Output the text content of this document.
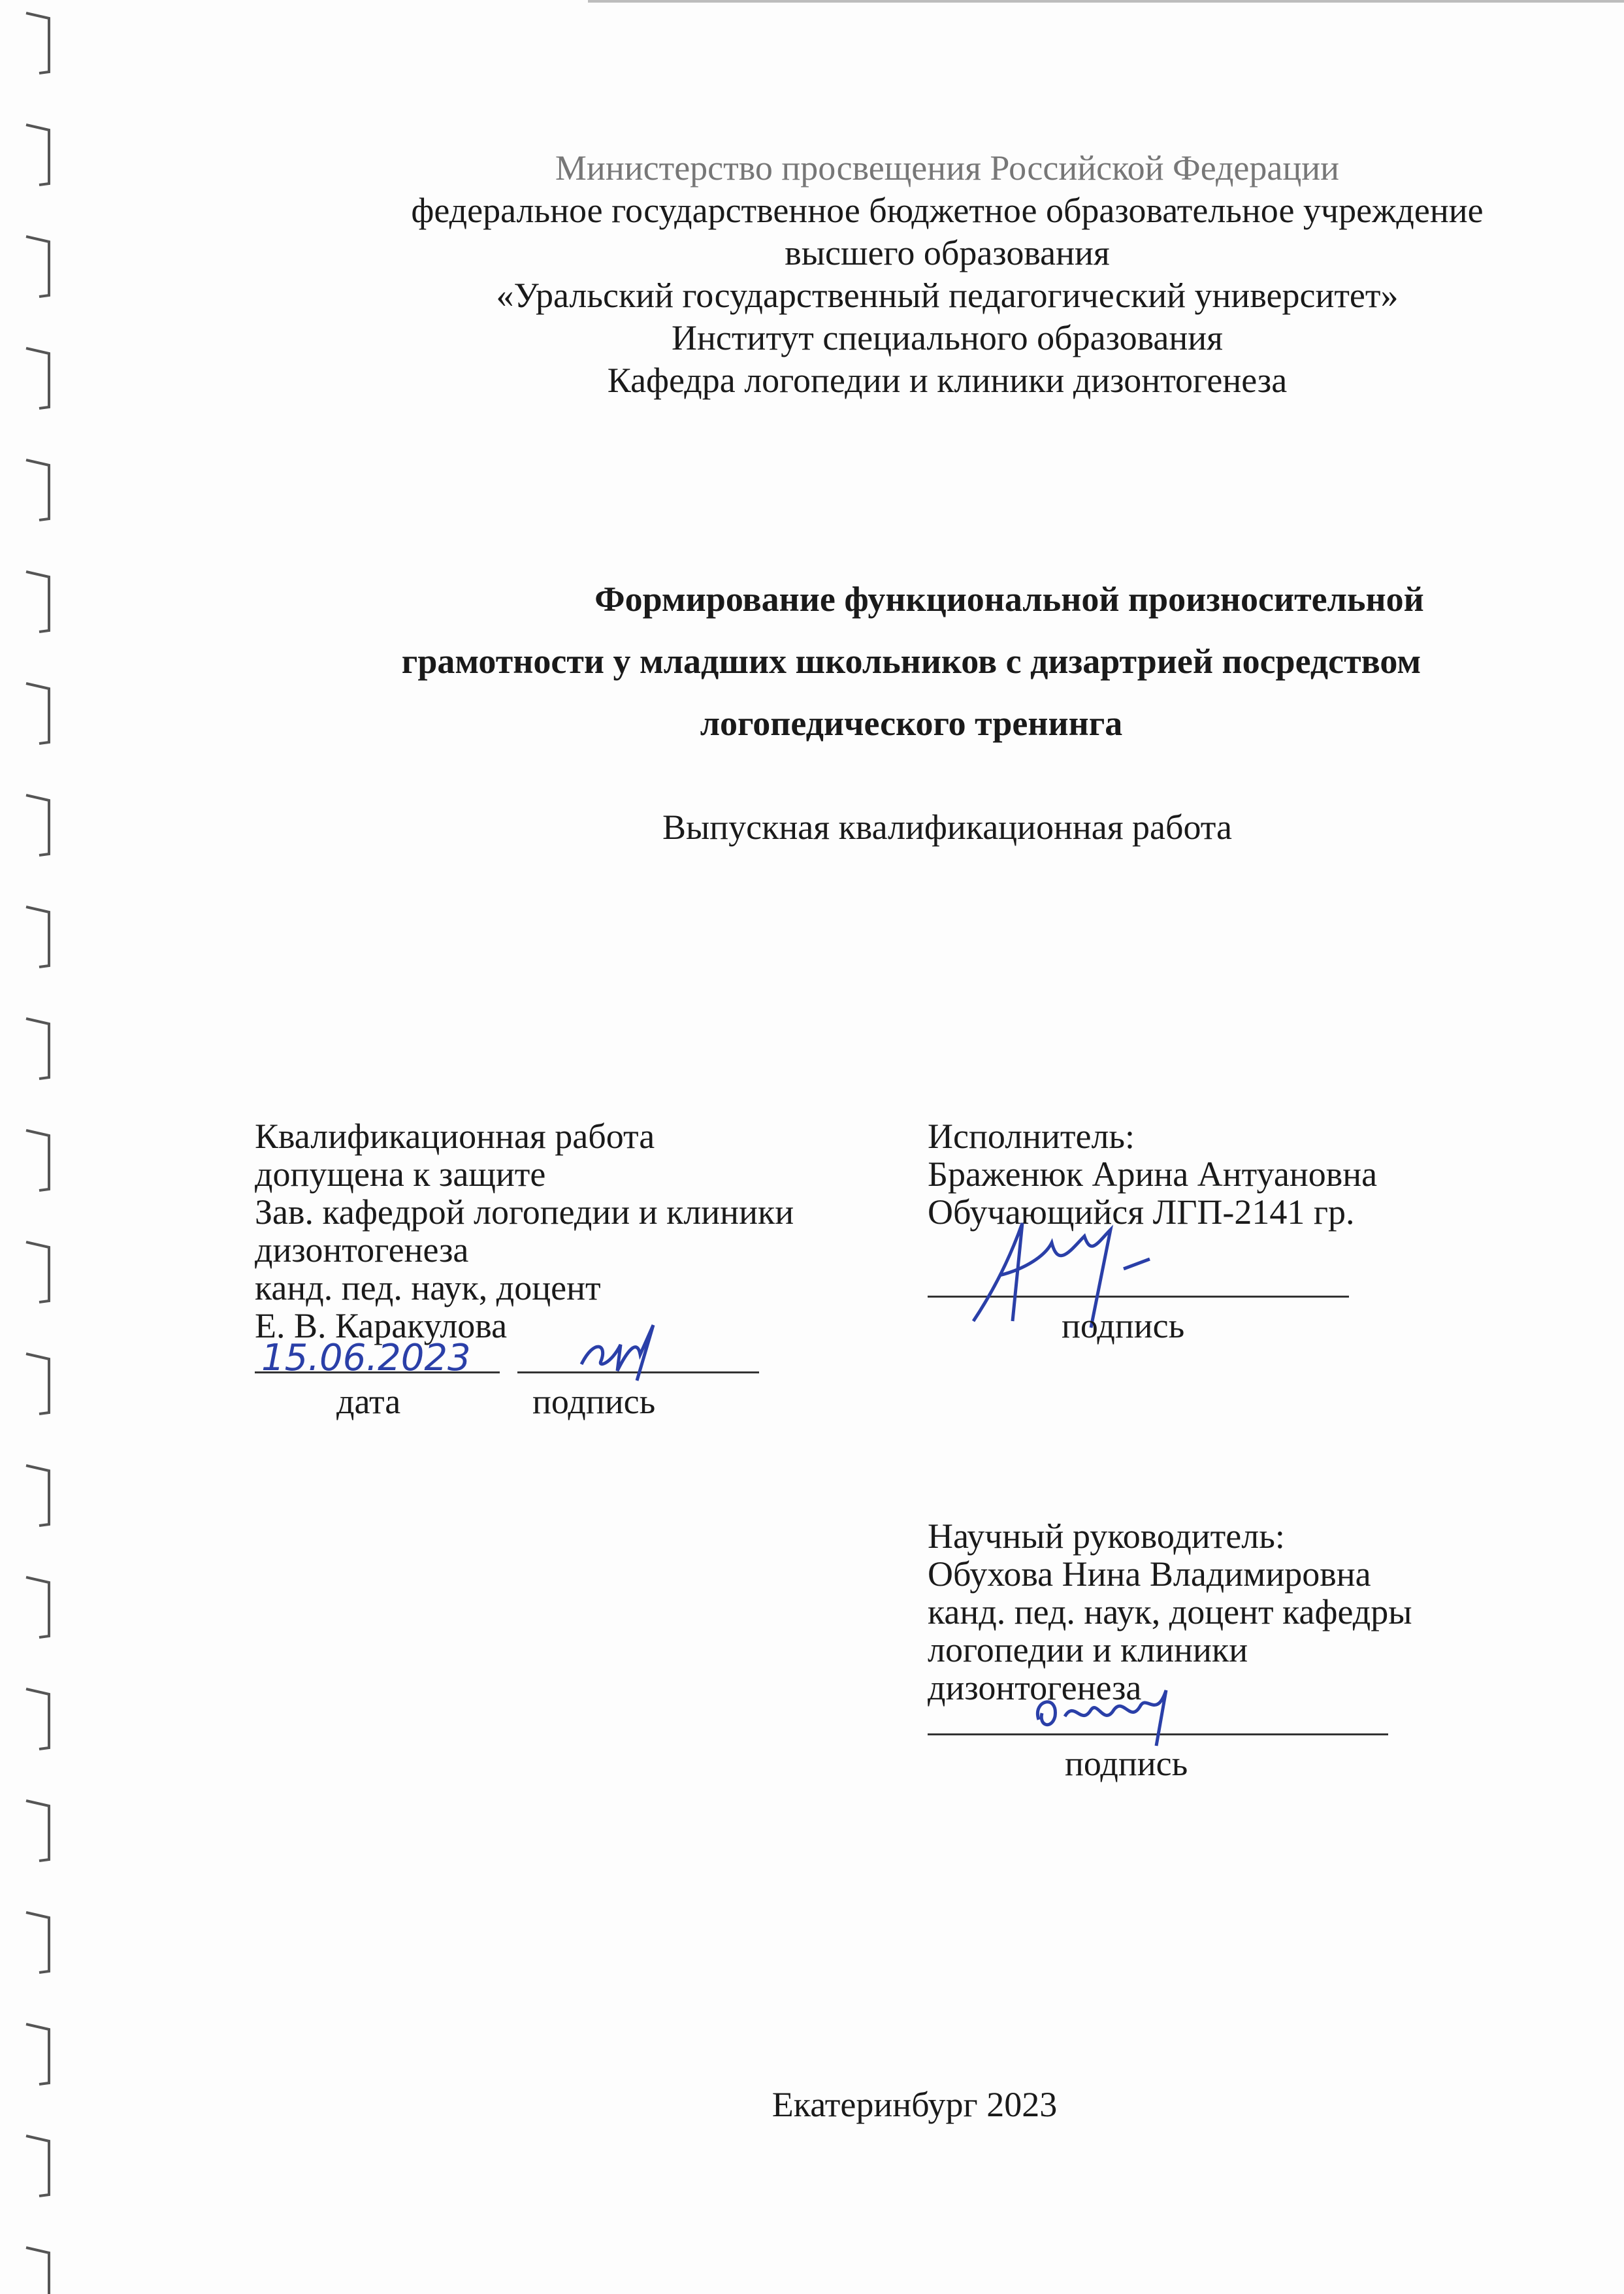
Министерство просвещения Российской Федерации
федеральное государственное бюджетное образовательное учреждение
высшего образования
«Уральский государственный педагогический университет»
Институт специального образования
Кафедра логопедии и клиники дизонтогенеза
Формирование функциональной произносительной
грамотности у младших школьников с дизартрией посредством
логопедического тренинга
Выпускная квалификационная работа
Квалификационная работа
допущена к защите
Зав. кафедрой логопедии и клиники
дизонтогенеза
канд. пед. наук, доцент
Е. В. Каракулова
15.06.2023
дата	подпись
Исполнитель:
Браженюк Арина Антуановна
Обучающийся ЛГП-2141 гр.
подпись
Научный руководитель:
Обухова Нина Владимировна
канд. пед. наук, доцент кафедры
логопедии и клиники
дизонтогенеза
подпись
Екатеринбург 2023
